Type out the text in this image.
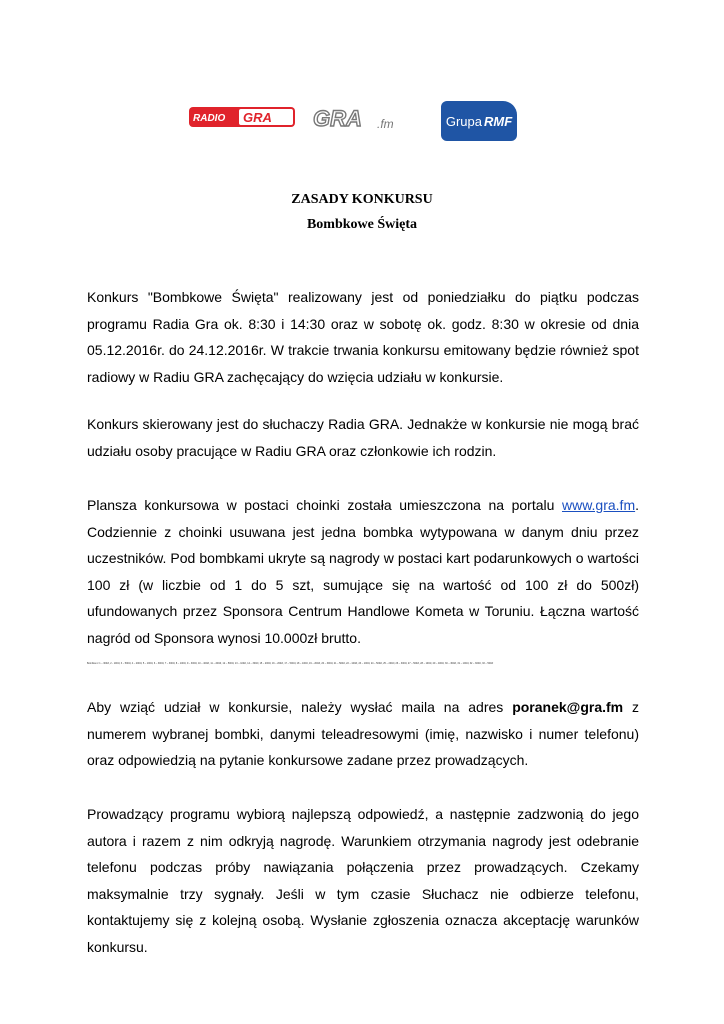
RADIO GRA GRA .fm	Grupa RMF
ZASADY KONKURSU
Bombkowe Święta

Konkurs "Bombkowe Święta" realizowany jest od poniedziałku do piątku podczas programu Radia Gra ok. 8:30 i 14:30 oraz w sobotę ok. godz. 8:30 w okresie od dnia 05.12.2016r. do 24.12.2016r. W trakcie trwania konkursu emitowany będzie również spot radiowy w Radiu GRA zachęcający do wzięcia udziału w konkursie.

Konkurs skierowany jest do słuchaczy Radia GRA. Jednakże w konkursie nie mogą brać udziału osoby pracujące w Radiu GRA oraz członkowie ich rodzin.

Plansza konkursowa w postaci choinki została umieszczona na portalu www.gra.fm. Codziennie z choinki usuwana jest jedna bombka wytypowana w danym dniu przez uczestników. Pod bombkami ukryte są nagrody w postaci kart podarunkowych o wartości 100 zł (w liczbie od 1 do 5 szt, sumujące się na wartość od 100 zł do 500zł) ufundowanych przez Sponsora Centrum Handlowe Kometa w Toruniu. Łączna wartość nagród od Sponsora wynosi 10.000zł brutto.

Bombka nr 1 – 300zł, 2 - 100zł, 3 – 500zł, 4 – 200zł, 5 – 100zł, 6 – 300zł, 7 – 300zł, 8 – 100zł, 9 – 300zł, 10 – 400zł, 11 – 200zł, 12 – 500zł, 13 – 100zł, 14 – 300zł, 15 – 200zł, 16 – 200zł, 17 – 500zł, 18 – 100zł, 19 – 200zł, 20 – 300zł, 21 – 500zł, 22 – 100zł, 23 – 100zł, 24 – 500zł, 25 – 200zł, 26 – 300zł, 27 – 500zł, 28 – 100zł, 29 – 400zł, 30 – 300zł, 31 – 100zł, 32 – 300zł, 33 – 500zł

Aby wziąć udział w konkursie, należy wysłać maila na adres poranek@gra.fm z numerem wybranej bombki, danymi teleadresowymi (imię, nazwisko i numer telefonu) oraz odpowiedzią na pytanie konkursowe zadane przez prowadzących.

Prowadzący programu wybiorą najlepszą odpowiedź, a następnie zadzwonią do jego autora i razem z nim odkryją nagrodę. Warunkiem otrzymania nagrody jest odebranie telefonu podczas próby nawiązania połączenia przez prowadzących. Czekamy maksymalnie trzy sygnały. Jeśli w tym czasie Słuchacz nie odbierze telefonu, kontaktujemy się z kolejną osobą. Wysłanie zgłoszenia oznacza akceptację warunków konkursu.
